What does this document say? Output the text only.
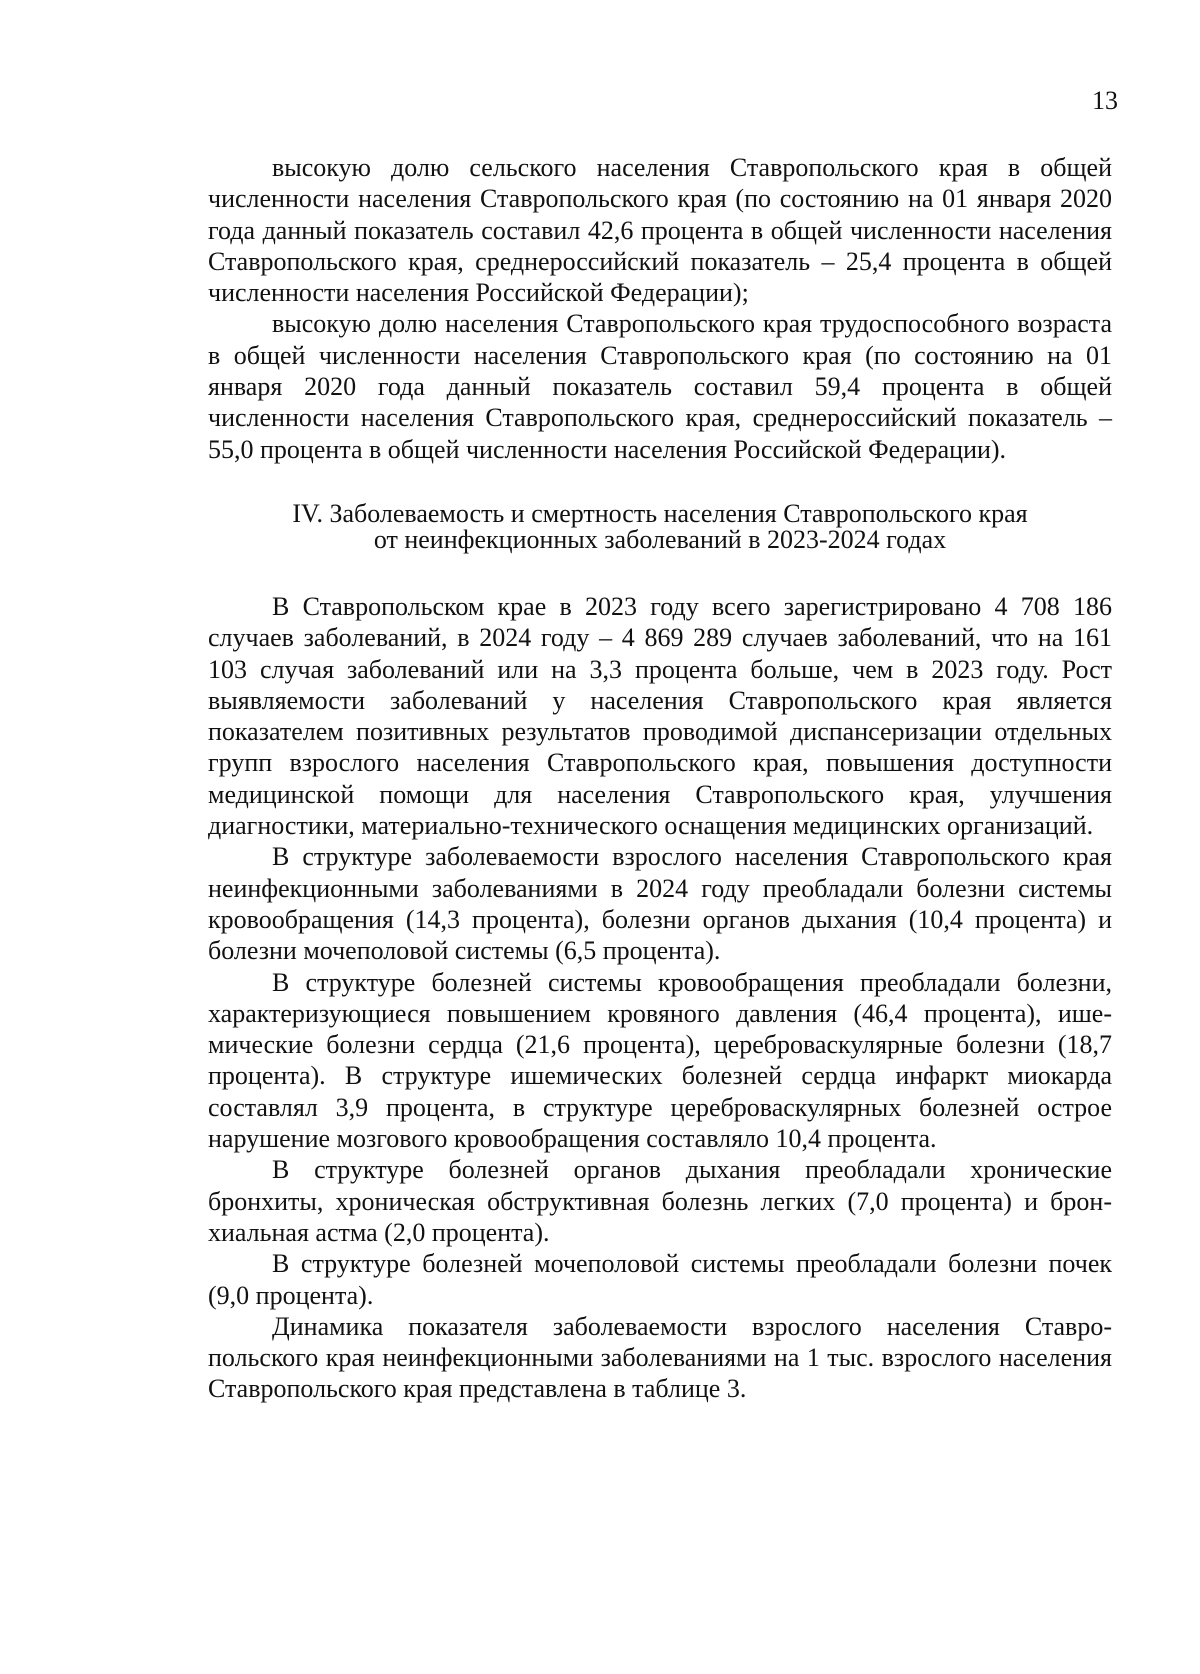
13

высокую долю сельского населения Ставропольского края в общей численности населения Ставропольского края (по состоянию на 01 января 2020 года данный показатель составил 42,6 процента в общей численности населения Ставропольского края, среднероссийский показатель – 25,4 процента в общей численности населения Российской Федерации);

высокую долю населения Ставропольского края трудоспособного возраста в общей численности населения Ставропольского края (по состоянию на 01 января 2020 года данный показатель составил 59,4 процента в общей численности населения Ставропольского края, среднероссийский показатель – 55,0 процента в общей численности населения Российской Федерации).

IV. Заболеваемость и смертность населения Ставропольского края
от неинфекционных заболеваний в 2023-2024 годах

В Ставропольском крае в 2023 году всего зарегистрировано 4 708 186 случаев заболеваний, в 2024 году – 4 869 289 случаев заболеваний, что на 161 103 случая заболеваний или на 3,3 процента больше, чем в 2023 году. Рост выявляемости заболеваний у населения Ставропольского края является показателем позитивных результатов проводимой диспансеризации отдельных групп взрослого населения Ставропольского края, повышения доступности медицинской помощи для населения Ставропольского края, улучшения диагностики, материально-технического оснащения медицинских организаций.

В структуре заболеваемости взрослого населения Ставропольского края неинфекционными заболеваниями в 2024 году преобладали болезни системы кровообращения (14,3 процента), болезни органов дыхания (10,4 процента) и болезни мочеполовой системы (6,5 процента).

В структуре болезней системы кровообращения преобладали болезни, характеризующиеся повышением кровяного давления (46,4 процента), ишемические болезни сердца (21,6 процента), цереброваскулярные болезни (18,7 процента). В структуре ишемических болезней сердца инфаркт миокарда составлял 3,9 процента, в структуре цереброваскулярных болезней острое нарушение мозгового кровообращения составляло 10,4 процента.

В структуре болезней органов дыхания преобладали хронические бронхиты, хроническая обструктивная болезнь легких (7,0 процента) и бронхиальная астма (2,0 процента).

В структуре болезней мочеполовой системы преобладали болезни почек (9,0 процента).

Динамика показателя заболеваемости взрослого населения Ставропольского края неинфекционными заболеваниями на 1 тыс. взрослого населения Ставропольского края представлена в таблице 3.
